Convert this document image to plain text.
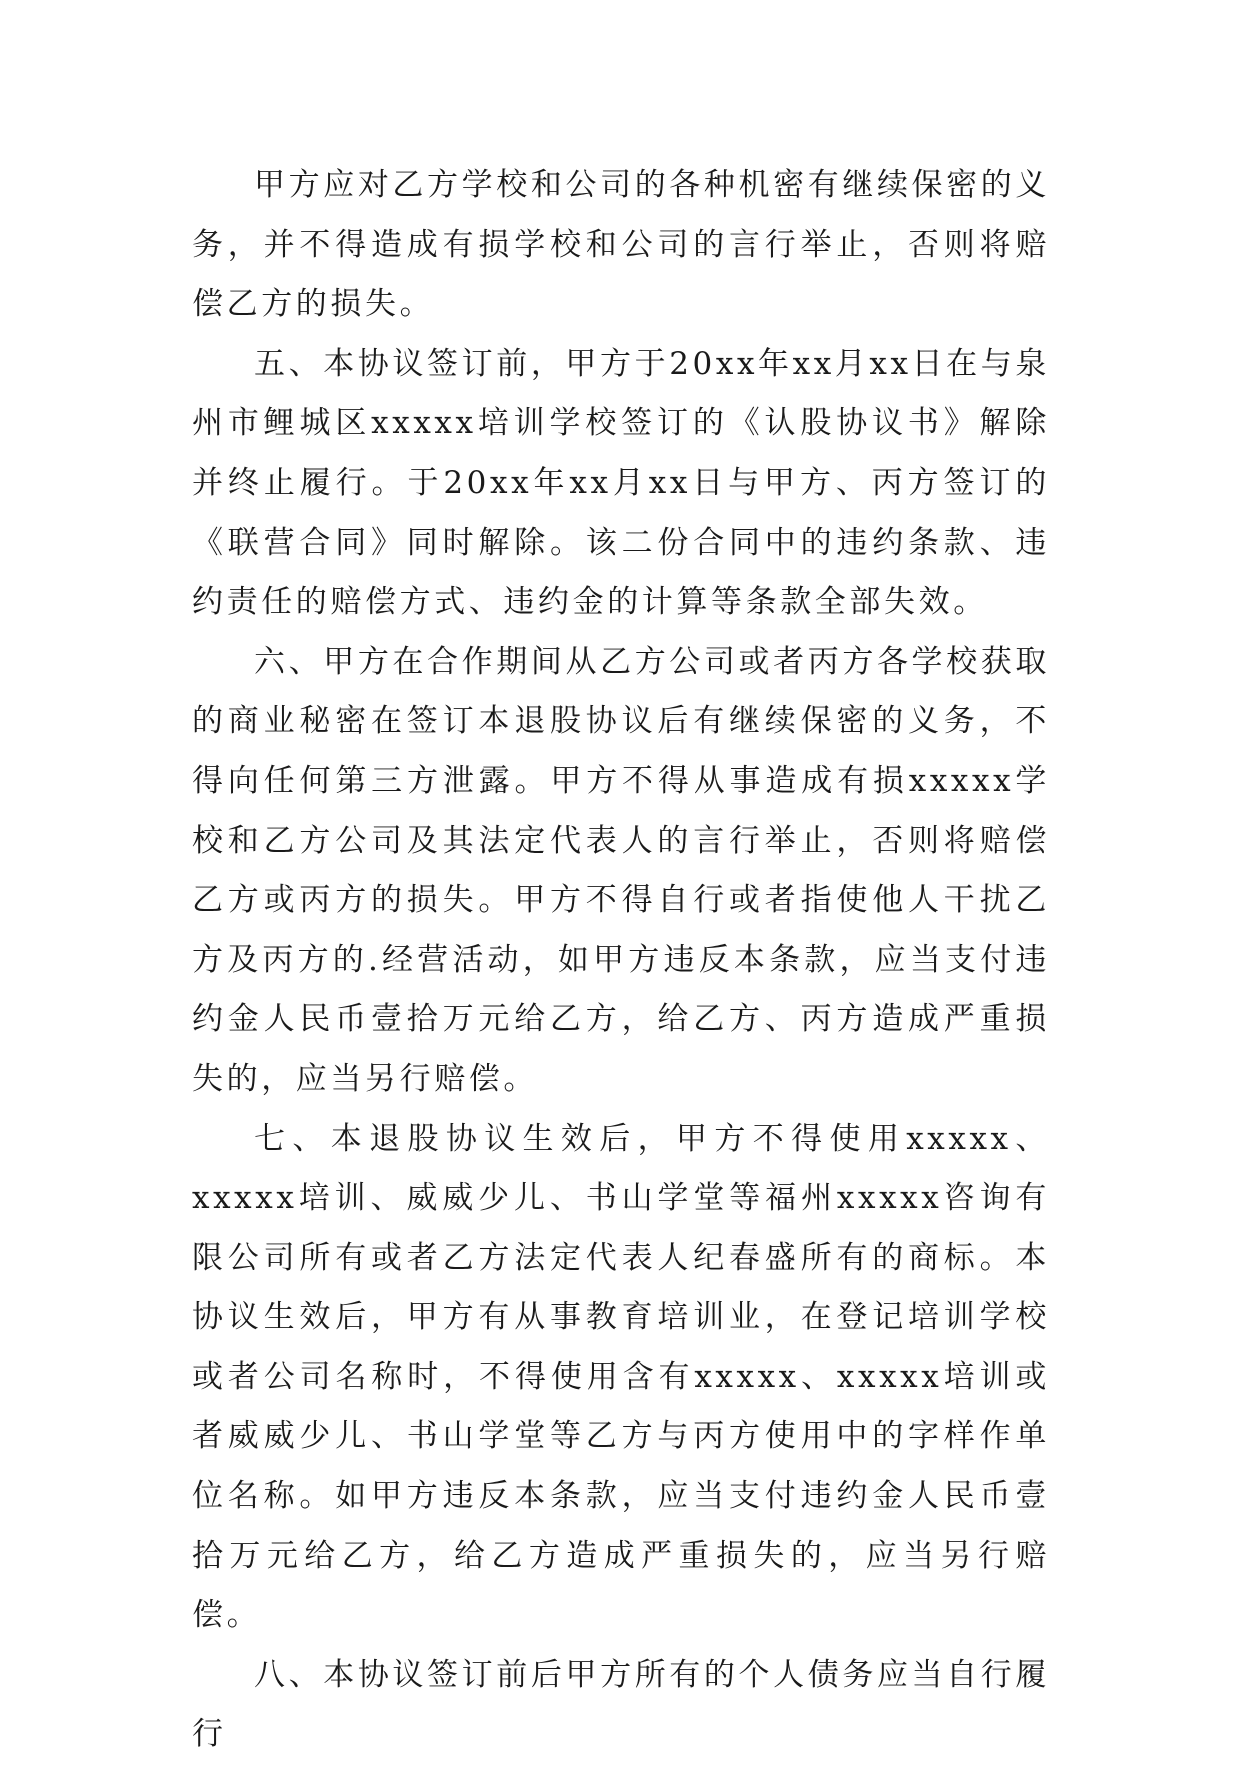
甲方应对乙方学校和公司的各种机密有继续保密的义务，并不得造成有损学校和公司的言行举止，否则将赔偿乙方的损失。

五、本协议签订前，甲方于20xx年xx月xx日在与泉州市鲤城区xxxxx培训学校签订的《认股协议书》解除并终止履行。于20xx年xx月xx日与甲方、丙方签订的《联营合同》同时解除。该二份合同中的违约条款、违约责任的赔偿方式、违约金的计算等条款全部失效。

六、甲方在合作期间从乙方公司或者丙方各学校获取的商业秘密在签订本退股协议后有继续保密的义务，不得向任何第三方泄露。甲方不得从事造成有损xxxxx学校和乙方公司及其法定代表人的言行举止，否则将赔偿乙方或丙方的损失。甲方不得自行或者指使他人干扰乙方及丙方的.经营活动，如甲方违反本条款，应当支付违约金人民币壹拾万元给乙方，给乙方、丙方造成严重损失的，应当另行赔偿。

七、本退股协议生效后，甲方不得使用xxxxx、xxxxx培训、威威少儿、书山学堂等福州xxxxx咨询有限公司所有或者乙方法定代表人纪春盛所有的商标。本协议生效后，甲方有从事教育培训业，在登记培训学校或者公司名称时，不得使用含有xxxxx、xxxxx培训或者威威少儿、书山学堂等乙方与丙方使用中的字样作单位名称。如甲方违反本条款，应当支付违约金人民币壹拾万元给乙方，给乙方造成严重损失的，应当另行赔偿。

八、本协议签订前后甲方所有的个人债务应当自行履行
